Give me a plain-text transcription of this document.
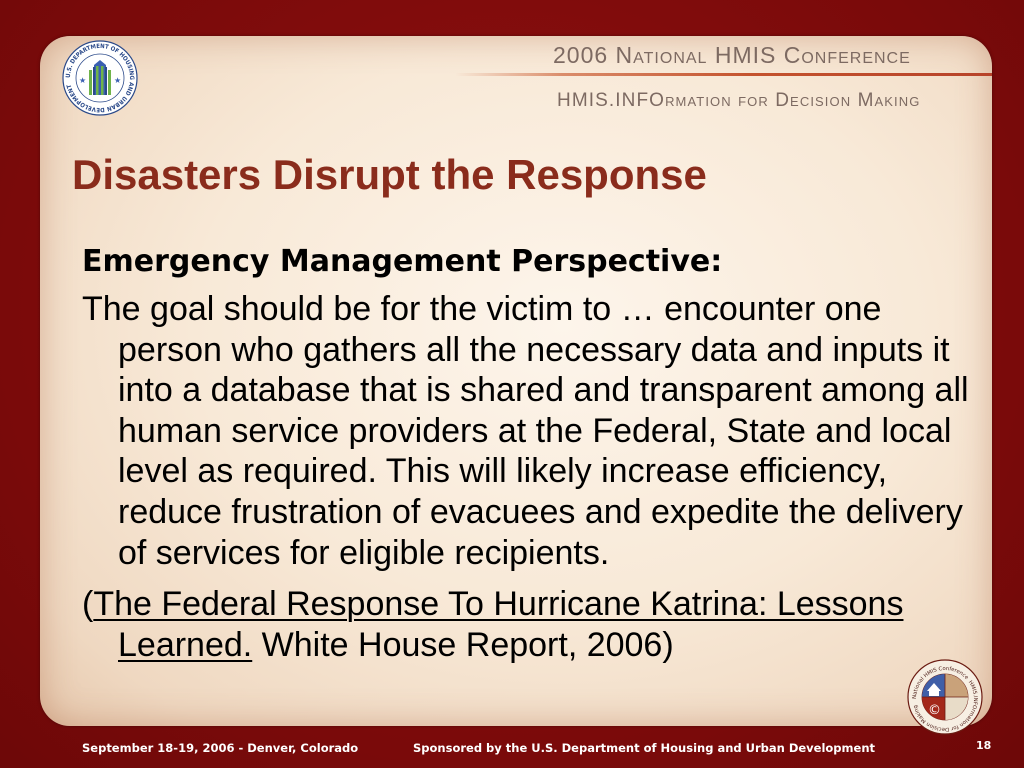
U.S. DEPARTMENT OF HOUSING AND URBAN DEVELOPMENT
★	★
2006 National HMIS Conference
HMIS.INFOrmation for Decision Making
Disasters Disrupt the Response
Emergency Management Perspective:
The goal should be for the victim to … encounter one
person who gathers all the necessary data and inputs it
into a database that is shared and transparent among all
human service providers at the Federal, State and local
level as required. This will likely increase efficiency,
reduce frustration of evacuees and expedite the delivery
of services for eligible recipients.
(The Federal Response To Hurricane Katrina: Lessons Learned. White House Report, 2006)
National HMIS Conference HMIS.INFOrmation for Decision Making ©
September 18-19, 2006 - Denver, Colorado	Sponsored by the U.S. Department of Housing and Urban Development	18
